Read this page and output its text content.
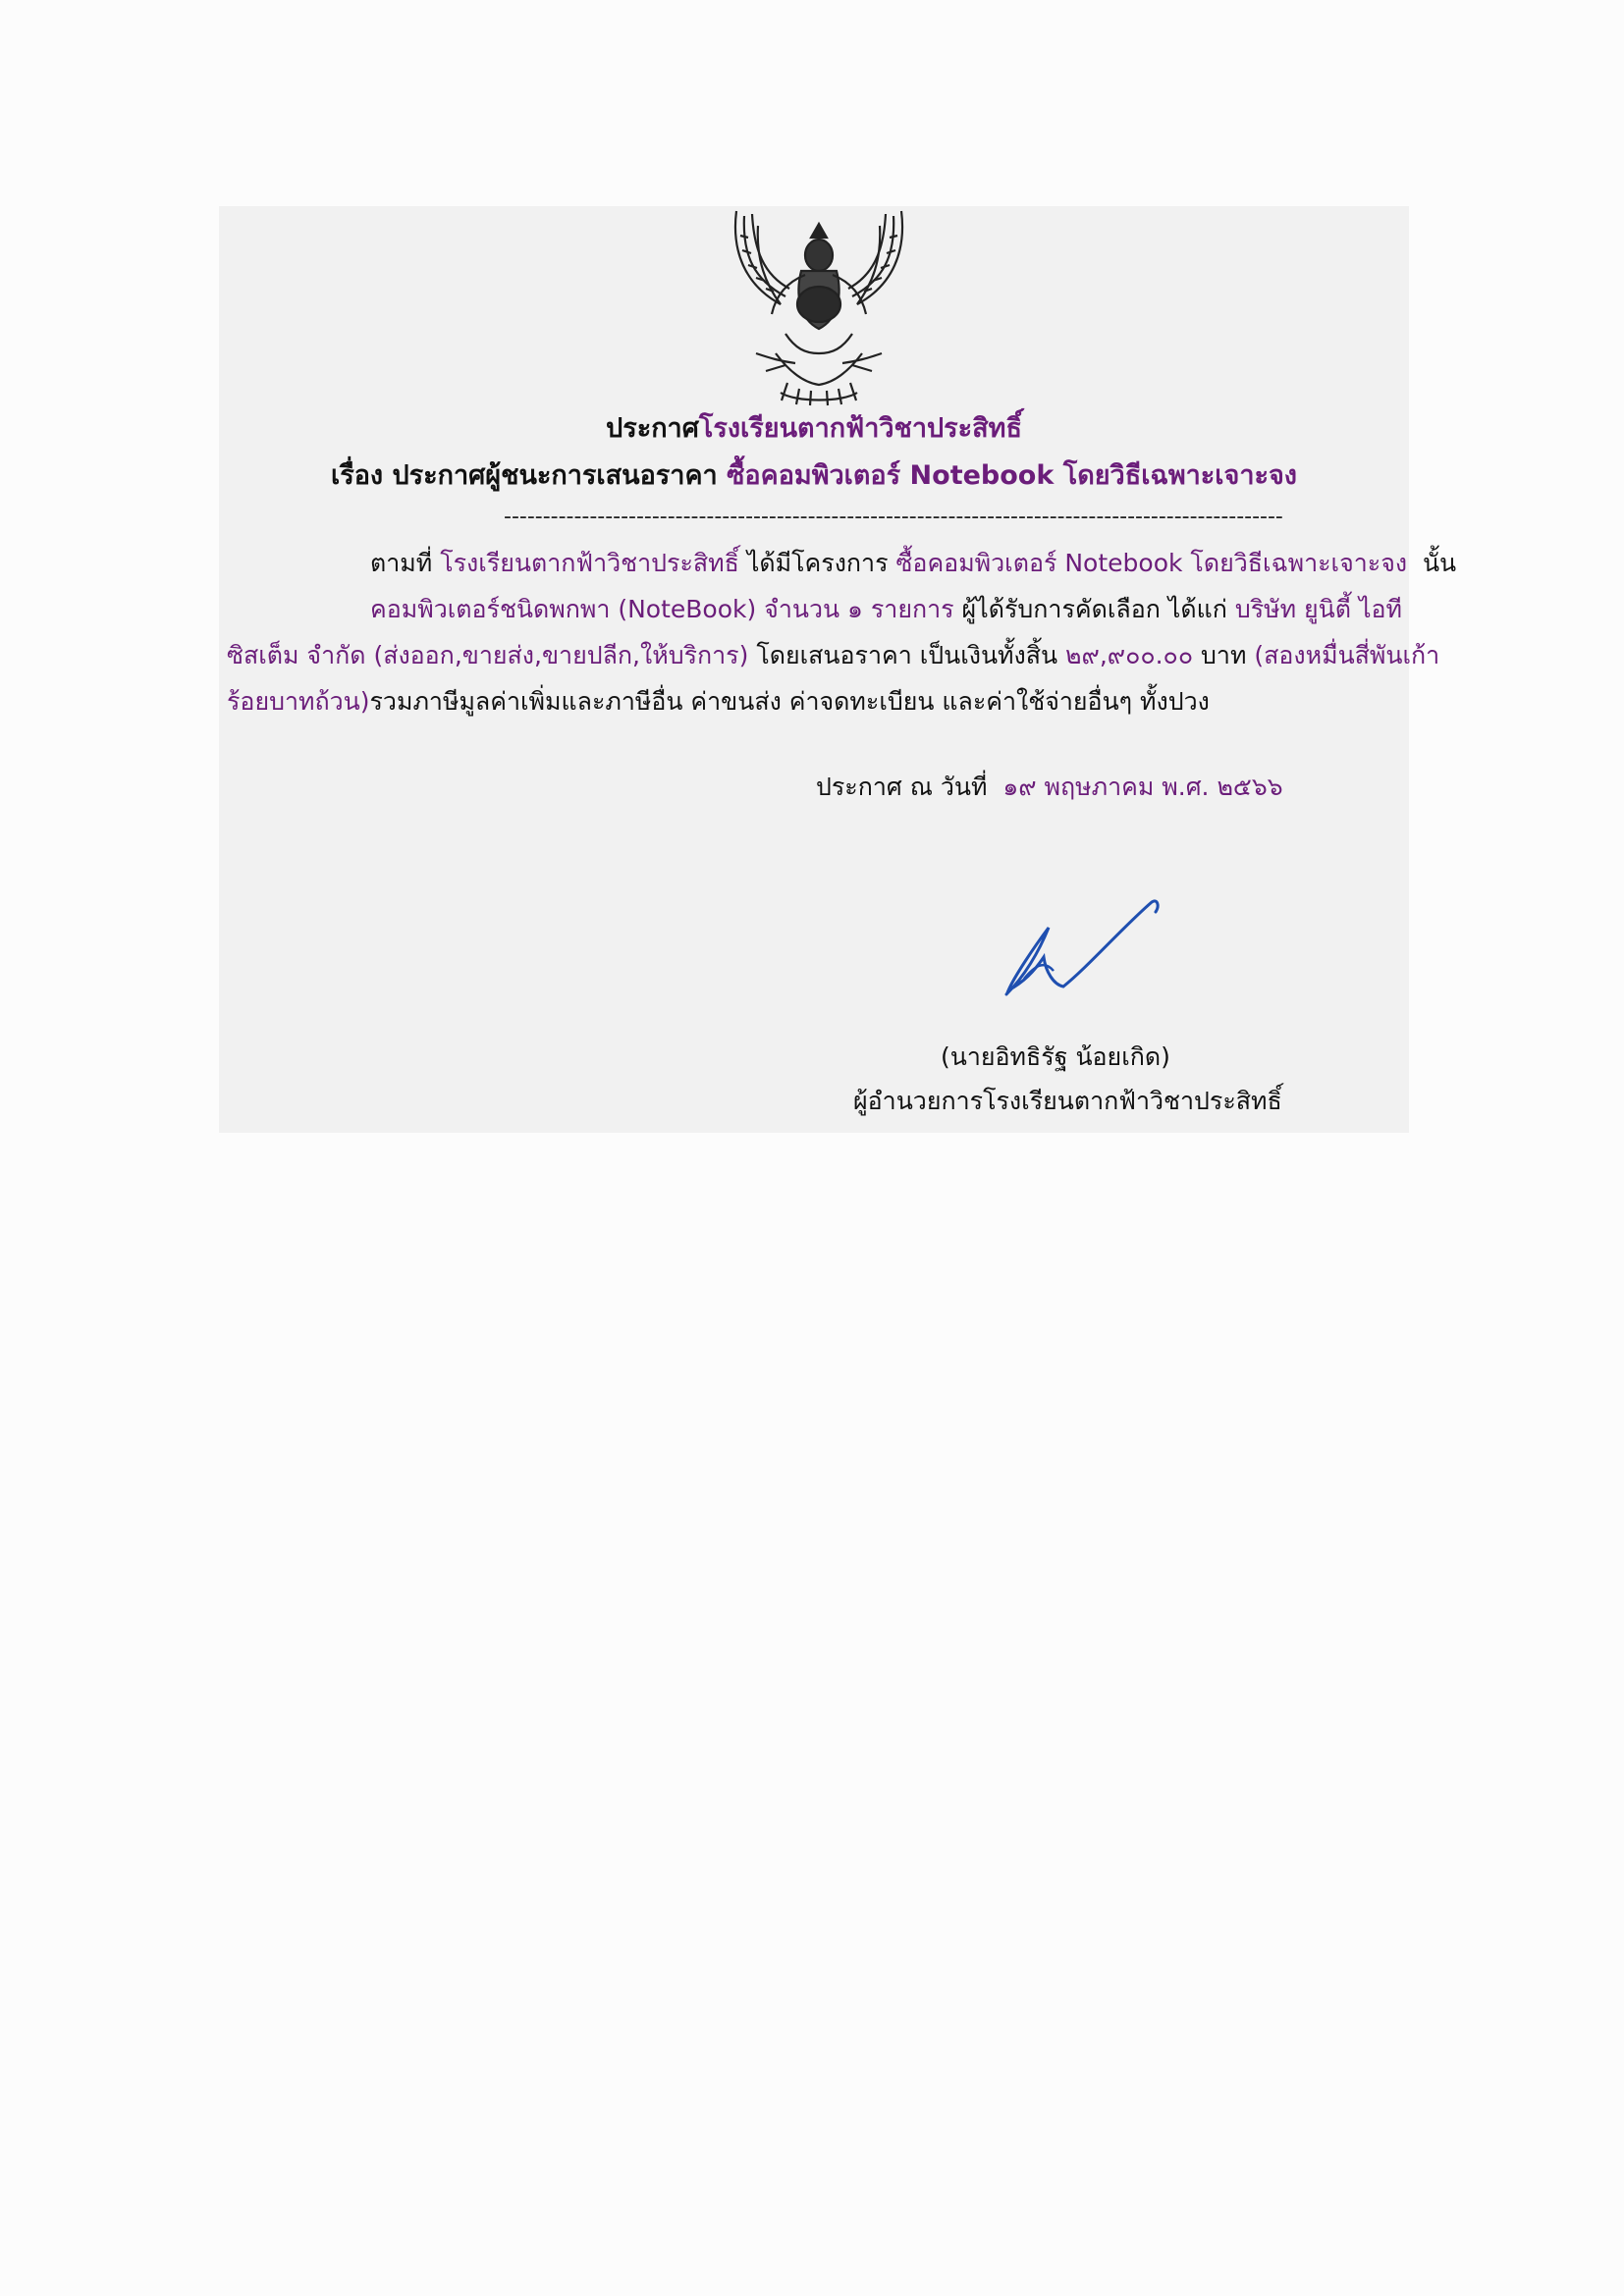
ประกาศโรงเรียนตากฟ้าวิชาประสิทธิ์
เรื่อง ประกาศผู้ชนะการเสนอราคา ซื้อคอมพิวเตอร์ Notebook โดยวิธีเฉพาะเจาะจง
----------------------------------------------------------------------------------------------------
ตามที่ โรงเรียนตากฟ้าวิชาประสิทธิ์ ได้มีโครงการ ซื้อคอมพิวเตอร์ Notebook โดยวิธีเฉพาะเจาะจง นั้น
คอมพิวเตอร์ชนิดพกพา (NoteBook) จำนวน ๑ รายการ ผู้ได้รับการคัดเลือก ได้แก่ บริษัท ยูนิตี้ ไอที
ซิสเต็ม จำกัด (ส่งออก,ขายส่ง,ขายปลีก,ให้บริการ) โดยเสนอราคา เป็นเงินทั้งสิ้น ๒๙,๙๐๐.๐๐ บาท (สองหมื่นสี่พันเก้า
ร้อยบาทถ้วน)รวมภาษีมูลค่าเพิ่มและภาษีอื่น ค่าขนส่ง ค่าจดทะเบียน และค่าใช้จ่ายอื่นๆ ทั้งปวง
ประกาศ ณ วันที่ ๑๙ พฤษภาคม พ.ศ. ๒๕๖๖
(นายอิทธิรัฐ น้อยเกิด)
ผู้อำนวยการโรงเรียนตากฟ้าวิชาประสิทธิ์
